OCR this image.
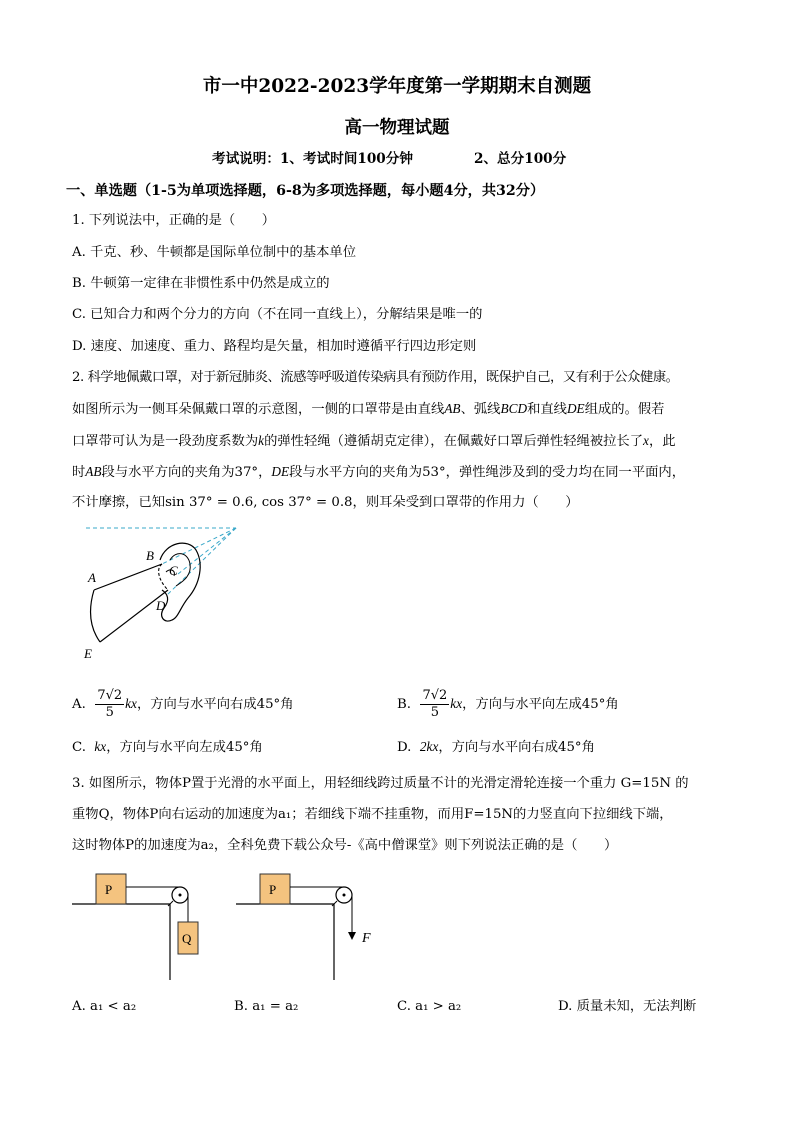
市一中2022-2023学年度第一学期期末自测题
高一物理试题
考试说明：1、考试时间100分钟	2、总分100分
一、单选题（1-5为单项选择题，6-8为多项选择题，每小题4分，共32分）
1. 下列说法中，正确的是（　　）
A. 千克、秒、牛顿都是国际单位制中的基本单位
B. 牛顿第一定律在非惯性系中仍然是成立的
C. 已知合力和两个分力的方向（不在同一直线上），分解结果是唯一的
D. 速度、加速度、重力、路程均是矢量，相加时遵循平行四边形定则
2. 科学地佩戴口罩，对于新冠肺炎、流感等呼吸道传染病具有预防作用，既保护自己，又有利于公众健康。
如图所示为一侧耳朵佩戴口罩的示意图，一侧的口罩带是由直线AB、弧线BCD和直线DE组成的。假若
口罩带可认为是一段劲度系数为k的弹性轻绳（遵循胡克定律），在佩戴好口罩后弹性轻绳被拉长了x，此
时AB段与水平方向的夹角为37°，DE段与水平方向的夹角为53°，弹性绳涉及到的受力均在同一平面内，
不计摩擦，已知sin 37° = 0.6, cos 37° = 0.8，则耳朵受到口罩带的作用力（　　）
B
A	C
D
E
A. $\frac{7√2}{5}$ kx，方向与水平向右成45°角	B. $\frac{7√2}{5}$ kx，方向与水平向左成45°角
C. kx，方向与水平向左成45°角	D. 2kx，方向与水平向右成45°角
3. 如图所示，物体P置于光滑的水平面上，用轻细线跨过质量不计的光滑定滑轮连接一个重力 G=15N 的
重物Q，物体P向右运动的加速度为a₁；若细线下端不挂重物，而用F=15N的力竖直向下拉细线下端，
这时物体P的加速度为a₂，全科免费下载公众号-《高中僧课堂》则下列说法正确的是（　　）
P
Q
P
F
A. a₁ < a₂	B. a₁ = a₂	C. a₁ > a₂	D. 质量未知，无法判断
